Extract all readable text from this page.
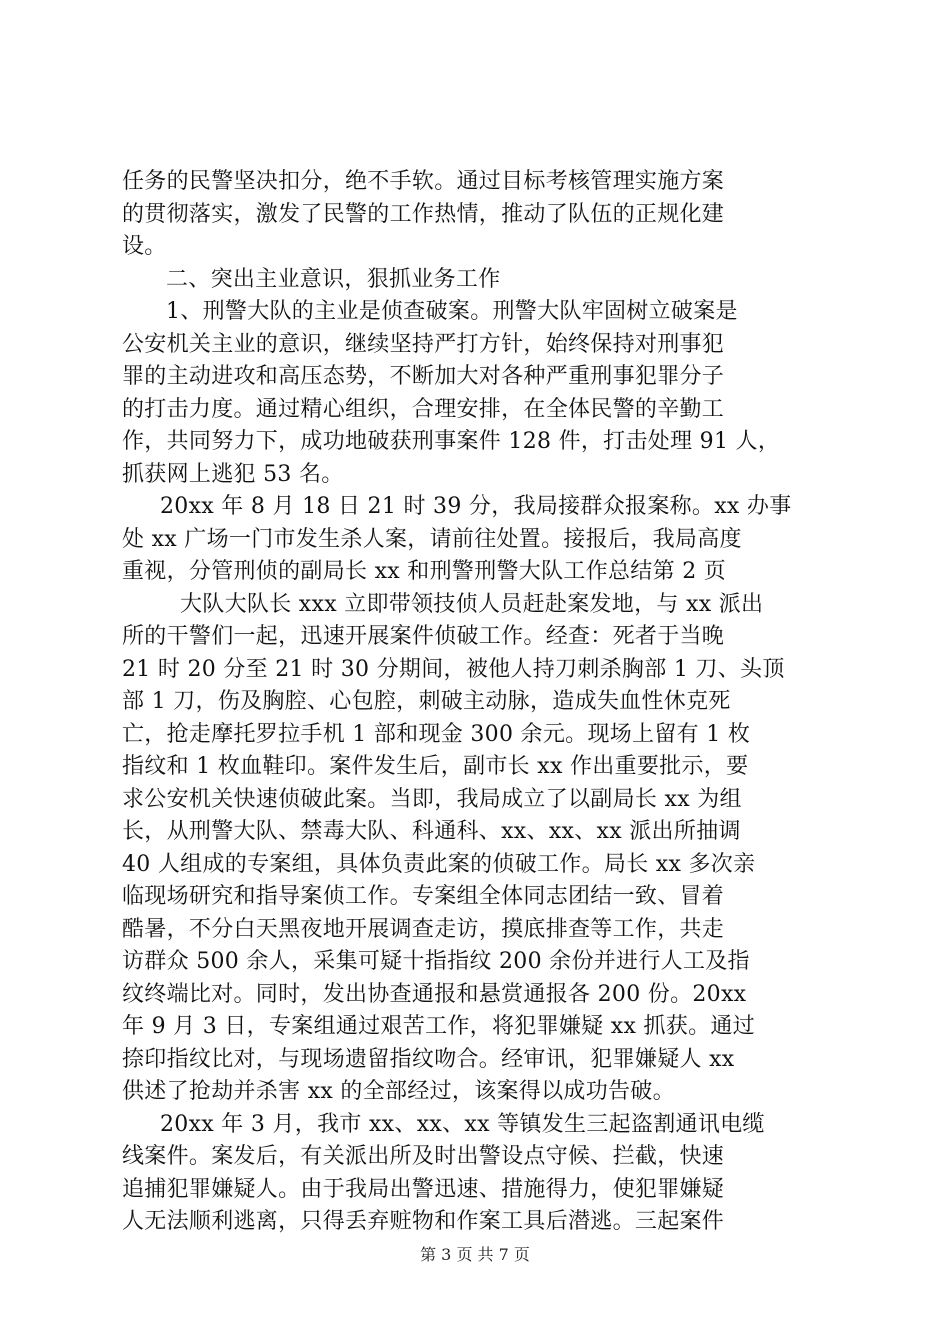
任务的民警坚决扣分，绝不手软。通过目标考核管理实施方案
的贯彻落实，激发了民警的工作热情，推动了队伍的正规化建
设。
二、突出主业意识，狠抓业务工作
1、刑警大队的主业是侦查破案。刑警大队牢固树立破案是
公安机关主业的意识，继续坚持严打方针，始终保持对刑事犯
罪的主动进攻和高压态势，不断加大对各种严重刑事犯罪分子
的打击力度。通过精心组织，合理安排，在全体民警的辛勤工
作，共同努力下，成功地破获刑事案件 128 件，打击处理 91 人，
抓获网上逃犯 53 名。
20xx 年 8 月 18 日 21 时 39 分，我局接群众报案称。xx 办事
处 xx 广场一门市发生杀人案，请前往处置。接报后，我局高度
重视，分管刑侦的副局长 xx 和刑警刑警大队工作总结第 2 页
大队大队长 xxx 立即带领技侦人员赶赴案发地，与 xx 派出
所的干警们一起，迅速开展案件侦破工作。经查：死者于当晚
21 时 20 分至 21 时 30 分期间，被他人持刀刺杀胸部 1 刀、头顶
部 1 刀，伤及胸腔、心包腔，刺破主动脉，造成失血性休克死
亡，抢走摩托罗拉手机 1 部和现金 300 余元。现场上留有 1 枚
指纹和 1 枚血鞋印。案件发生后，副市长 xx 作出重要批示，要
求公安机关快速侦破此案。当即，我局成立了以副局长 xx 为组
长，从刑警大队、禁毒大队、科通科、xx、xx、xx 派出所抽调
40 人组成的专案组，具体负责此案的侦破工作。局长 xx 多次亲
临现场研究和指导案侦工作。专案组全体同志团结一致、冒着
酷暑，不分白天黑夜地开展调查走访，摸底排查等工作，共走
访群众 500 余人，采集可疑十指指纹 200 余份并进行人工及指
纹终端比对。同时，发出协查通报和悬赏通报各 200 份。20xx
年 9 月 3 日，专案组通过艰苦工作，将犯罪嫌疑 xx 抓获。通过
捺印指纹比对，与现场遗留指纹吻合。经审讯，犯罪嫌疑人 xx
供述了抢劫并杀害 xx 的全部经过，该案得以成功告破。
20xx 年 3 月，我市 xx、xx、xx 等镇发生三起盗割通讯电缆
线案件。案发后，有关派出所及时出警设点守候、拦截，快速
追捕犯罪嫌疑人。由于我局出警迅速、措施得力，使犯罪嫌疑
人无法顺利逃离，只得丢弃赃物和作案工具后潜逃。三起案件
第 3 页 共 7 页
